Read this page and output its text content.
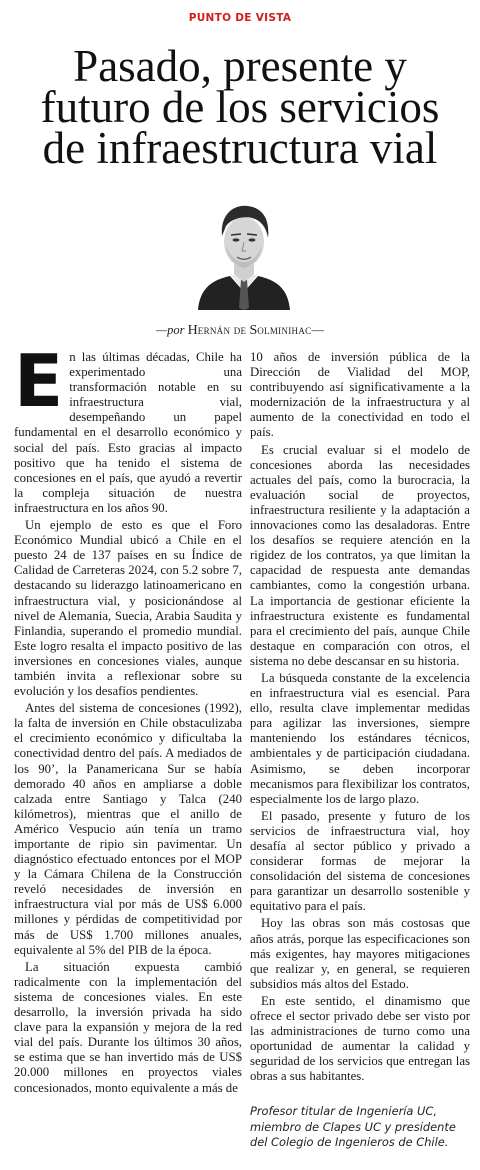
PUNTO DE VISTA
Pasado, presente y
futuro de los servicios
de infraestructura vial
—por Hernán de Solminihac—

En las últimas décadas, Chile ha experimentado una transformación notable en su infraestructura vial, desempeñando un papel fundamental en el desarrollo económico y social del país. Esto gracias al impacto positivo que ha tenido el sistema de concesiones en el país, que ayudó a revertir la compleja situación de nuestra infraestructura en los años 90.

Un ejemplo de esto es que el Foro Económico Mundial ubicó a Chile en el puesto 24 de 137 países en su Índice de Calidad de Carreteras 2024, con 5.2 sobre 7, destacando su liderazgo latinoamericano en infraestructura vial, y posicionándose al nivel de Alemania, Suecia, Arabia Saudita y Finlandia, superando el promedio mundial. Este logro resalta el impacto positivo de las inversiones en concesiones viales, aunque también invita a reflexionar sobre su evolución y los desafíos pendientes.

Antes del sistema de concesiones (1992), la falta de inversión en Chile obstaculizaba el crecimiento económico y dificultaba la conectividad dentro del país. A mediados de los 90’, la Panamericana Sur se había demorado 40 años en ampliarse a doble calzada entre Santiago y Talca (240 kilómetros), mientras que el anillo de Américo Vespucio aún tenía un tramo importante de ripio sin pavimentar. Un diagnóstico efectuado entonces por el MOP y la Cámara Chilena de la Construcción reveló necesidades de inversión en infraestructura vial por más de US$ 6.000 millones y pérdidas de competitividad por más de US$ 1.700 millones anuales, equivalente al 5% del PIB de la época.

La situación expuesta cambió radicalmente con la implementación del sistema de concesiones viales. En este desarrollo, la inversión privada ha sido clave para la expansión y mejora de la red vial del país. Durante los últimos 30 años, se estima que se han invertido más de US$ 20.000 millones en proyectos viales concesionados, monto equivalente a más de

10 años de inversión pública de la Dirección de Vialidad del MOP, contribuyendo así significativamente a la modernización de la infraestructura y al aumento de la conectividad en todo el país.

Es crucial evaluar si el modelo de concesiones aborda las necesidades actuales del país, como la burocracia, la evaluación social de proyectos, infraestructura resiliente y la adaptación a innovaciones como las desaladoras. Entre los desafíos se requiere atención en la rigidez de los contratos, ya que limitan la capacidad de respuesta ante demandas cambiantes, como la congestión urbana. La importancia de gestionar eficiente la infraestructura existente es fundamental para el crecimiento del país, aunque Chile destaque en comparación con otros, el sistema no debe descansar en su historia.

La búsqueda constante de la excelencia en infraestructura vial es esencial. Para ello, resulta clave implementar medidas para agilizar las inversiones, siempre manteniendo los estándares técnicos, ambientales y de participación ciudadana. Asimismo, se deben incorporar mecanismos para flexibilizar los contratos, especialmente los de largo plazo.

El pasado, presente y futuro de los servicios de infraestructura vial, hoy desafía al sector público y privado a considerar formas de mejorar la consolidación del sistema de concesiones para garantizar un desarrollo sostenible y equitativo para el país.

Hoy las obras son más costosas que años atrás, porque las especificaciones son más exigentes, hay mayores mitigaciones que realizar y, en general, se requieren subsidios más altos del Estado.

En este sentido, el dinamismo que ofrece el sector privado debe ser visto por las administraciones de turno como una oportunidad de aumentar la calidad y seguridad de los servicios que entregan las obras a sus habitantes.

Profesor titular de Ingeniería UC, miembro de Clapes UC y presidente del Colegio de Ingenieros de Chile.
